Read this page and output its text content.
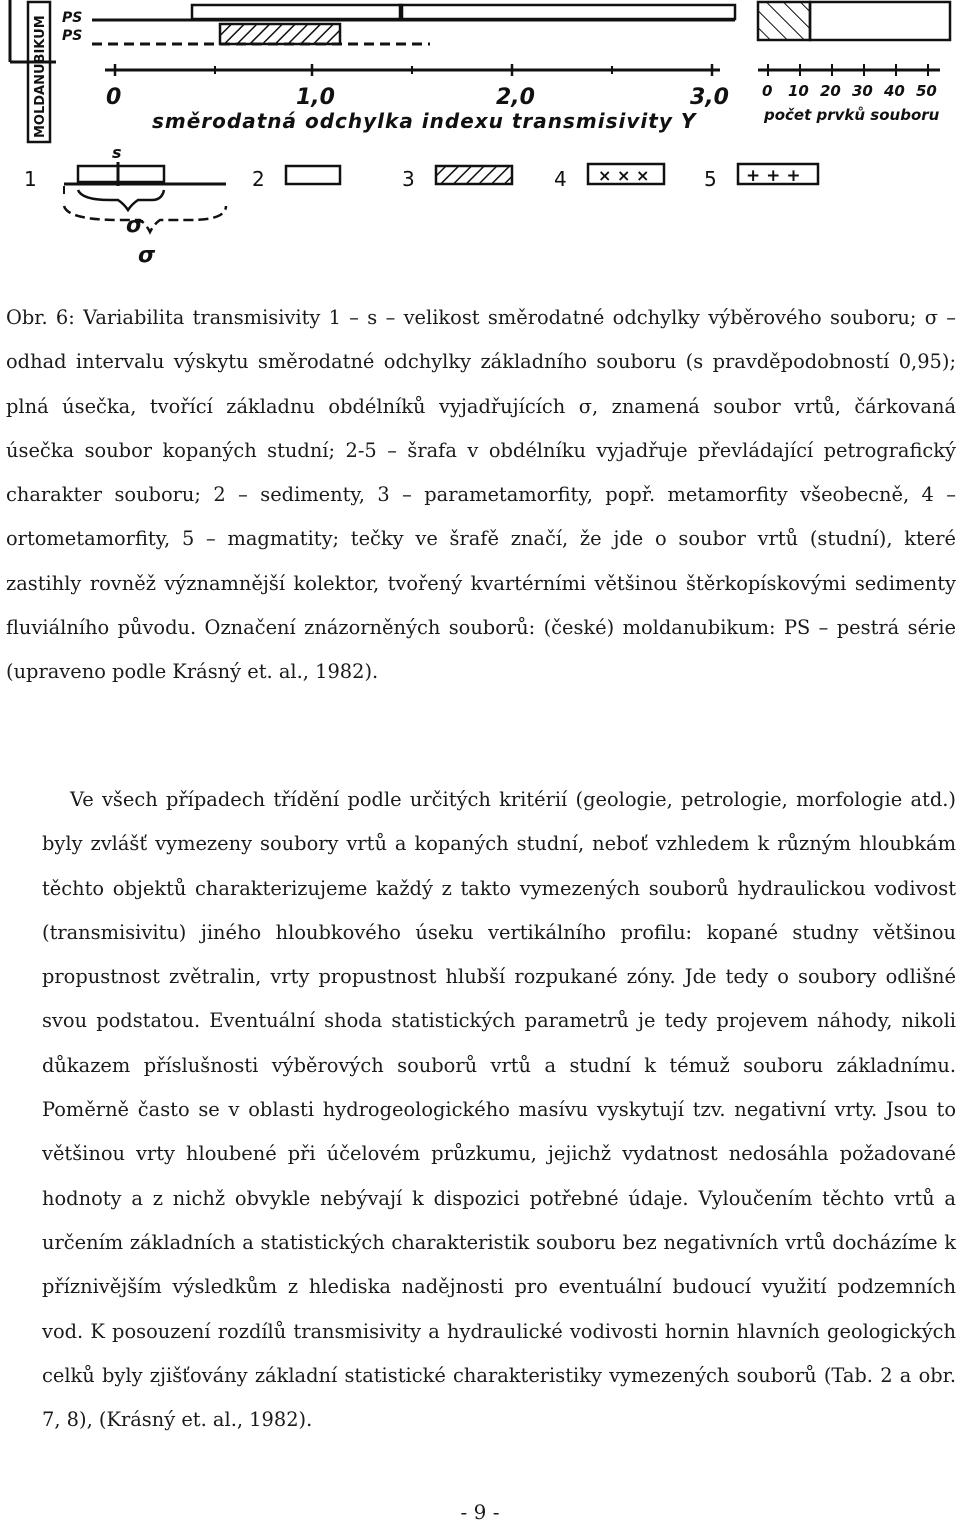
MOLDANUBIKUM PS
PS
0	1,0	2,0	3,0
směrodatná odchylka indexu transmisivity Y
0 10 20 30 40 50
počet prvků souboru
1
s
σ
σ
2	3	4 × × ×	5 + + +
Obr. 6: Variabilita transmisivity 1 – s – velikost směrodatné odchylky výběrového souboru; σ – odhad intervalu výskytu směrodatné odchylky základního souboru (s pravděpodobností 0,95); plná úsečka, tvořící základnu obdélníků vyjadřujících σ, znamená soubor vrtů, čárkovaná úsečka soubor kopaných studní; 2-5 – šrafa v obdélníku vyjadřuje převládající petrografický charakter souboru; 2 – sedimenty, 3 – parametamorfity, popř. metamorfity všeobecně, 4 – ortometamorfity, 5 – magmatity; tečky ve šrafě značí, že jde o soubor vrtů (studní), které zastihly rovněž významnější kolektor, tvořený kvartérními většinou štěrkopískovými sedimenty fluviálního původu. Označení znázorněných souborů: (české) moldanubikum: PS – pestrá série (upraveno podle Krásný et. al., 1982).

Ve všech případech třídění podle určitých kritérií (geologie, petrologie, morfologie atd.) byly zvlášť vymezeny soubory vrtů a kopaných studní, neboť vzhledem k různým hloubkám těchto objektů charakterizujeme každý z takto vymezených souborů hydraulickou vodivost (transmisivitu) jiného hloubkového úseku vertikálního profilu: kopané studny většinou propustnost zvětralin, vrty propustnost hlubší rozpukané zóny. Jde tedy o soubory odlišné svou podstatou. Eventuální shoda statistických parametrů je tedy projevem náhody, nikoli důkazem příslušnosti výběrových souborů vrtů a studní k témuž souboru základnímu. Poměrně často se v oblasti hydrogeologického masívu vyskytují tzv. negativní vrty. Jsou to většinou vrty hloubené při účelovém průzkumu, jejichž vydatnost nedosáhla požadované hodnoty a z nichž obvykle nebývají k dispozici potřebné údaje. Vyloučením těchto vrtů a určením základních a statistických charakteristik souboru bez negativních vrtů docházíme k příznivějším výsledkům z hlediska nadějnosti pro eventuální budoucí využití podzemních vod. K posouzení rozdílů transmisivity a hydraulické vodivosti hornin hlavních geologických celků byly zjišťovány základní statistické charakteristiky vymezených souborů (Tab. 2 a obr. 7, 8), (Krásný et. al., 1982).

- 9 -
